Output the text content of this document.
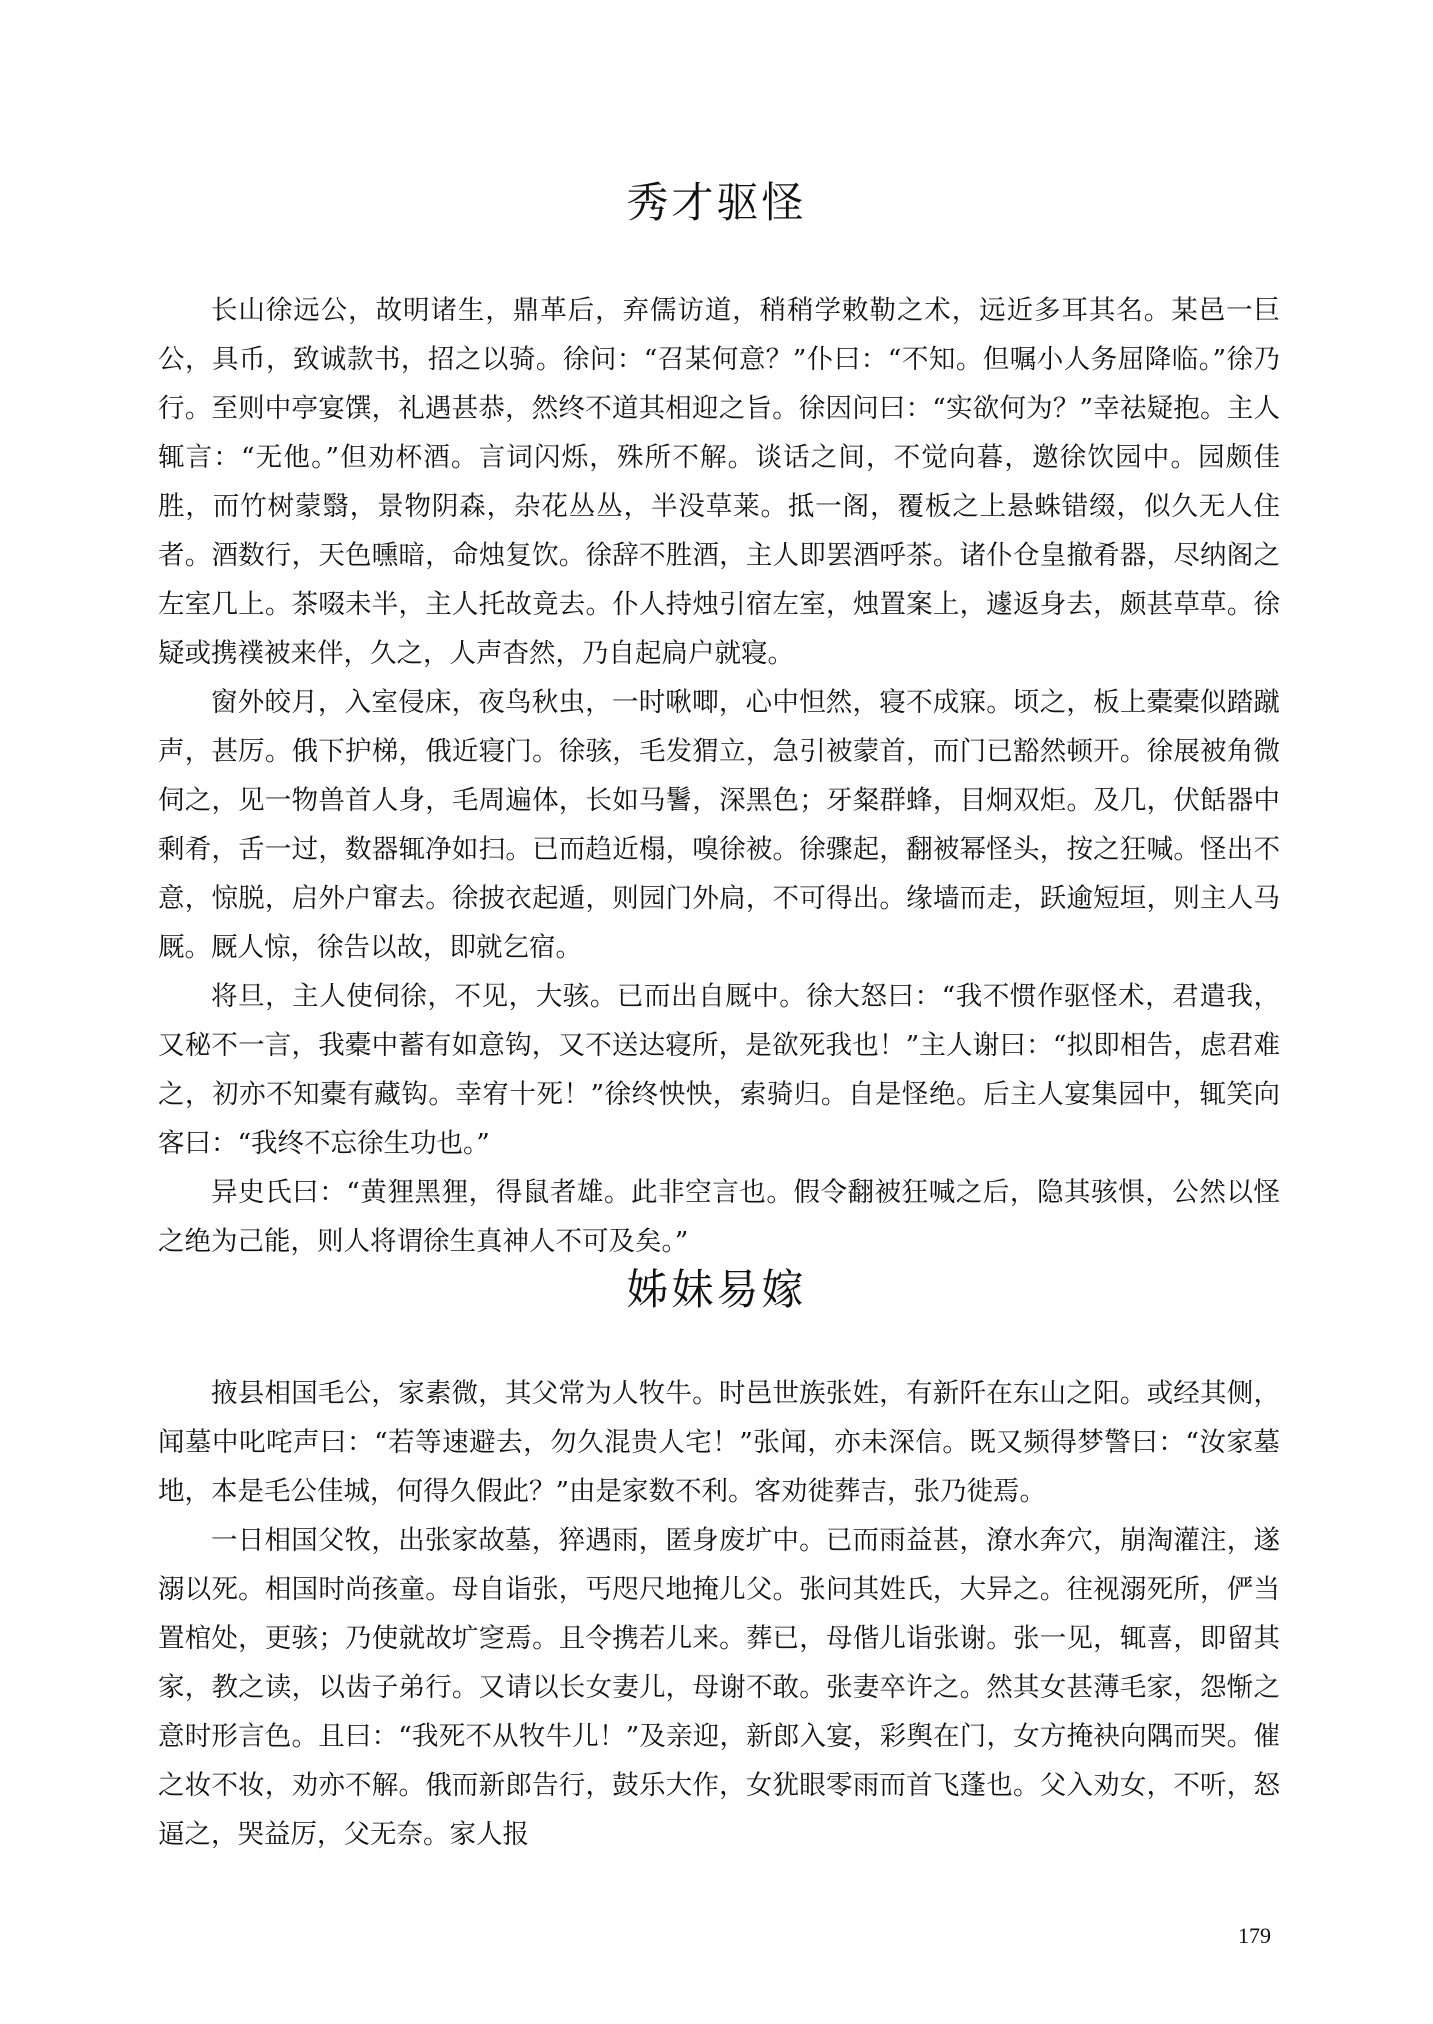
秀才驱怪

长山徐远公，故明诸生，鼎革后，弃儒访道，稍稍学敕勒之术，远近多耳其名。某邑一巨公，具币，致诚款书，招之以骑。徐问：“召某何意？”仆曰：“不知。但嘱小人务屈降临。”徐乃行。至则中亭宴馔，礼遇甚恭，然终不道其相迎之旨。徐因问曰：“实欲何为？”幸祛疑抱。主人辄言：“无他。”但劝杯酒。言词闪烁，殊所不解。谈话之间，不觉向暮，邀徐饮园中。园颇佳胜，而竹树蒙翳，景物阴森，杂花丛丛，半没草莱。抵一阁，覆板之上悬蛛错缀，似久无人住者。酒数行，天色曛暗，命烛复饮。徐辞不胜酒，主人即罢酒呼茶。诸仆仓皇撤肴器，尽纳阁之左室几上。茶啜未半，主人托故竟去。仆人持烛引宿左室，烛置案上，遽返身去，颇甚草草。徐疑或携襆被来伴，久之，人声杳然，乃自起扃户就寝。

窗外皎月，入室侵床，夜鸟秋虫，一时啾唧，心中怛然，寝不成寐。顷之，板上橐橐似踏蹴声，甚厉。俄下护梯，俄近寝门。徐骇，毛发猬立，急引被蒙首，而门已豁然顿开。徐展被角微伺之，见一物兽首人身，毛周遍体，长如马鬐，深黑色；牙粲群蜂，目炯双炬。及几，伏餂器中剩肴，舌一过，数器辄净如扫。已而趋近榻，嗅徐被。徐骤起，翻被幂怪头，按之狂喊。怪出不意，惊脱，启外户窜去。徐披衣起遁，则园门外扃，不可得出。缘墙而走，跃逾短垣，则主人马厩。厩人惊，徐告以故，即就乞宿。

将旦，主人使伺徐，不见，大骇。已而出自厩中。徐大怒曰：“我不惯作驱怪术，君遣我，又秘不一言，我橐中蓄有如意钩，又不送达寝所，是欲死我也！”主人谢曰：“拟即相告，虑君难之，初亦不知橐有藏钩。幸宥十死！”徐终怏怏，索骑归。自是怪绝。后主人宴集园中，辄笑向客曰：“我终不忘徐生功也。”

异史氏曰：“黄狸黑狸，得鼠者雄。此非空言也。假令翻被狂喊之后，隐其骇惧，公然以怪之绝为己能，则人将谓徐生真神人不可及矣。”

姊妹易嫁

掖县相国毛公，家素微，其父常为人牧牛。时邑世族张姓，有新阡在东山之阳。或经其侧，闻墓中叱咤声曰：“若等速避去，勿久混贵人宅！”张闻，亦未深信。既又频得梦警曰：“汝家墓地，本是毛公佳城，何得久假此？”由是家数不利。客劝徙葬吉，张乃徙焉。

一日相国父牧，出张家故墓，猝遇雨，匿身废圹中。已而雨益甚，潦水奔穴，崩淘灌注，遂溺以死。相国时尚孩童。母自诣张，丐咫尺地掩儿父。张问其姓氏，大异之。往视溺死所，俨当置棺处，更骇；乃使就故圹窆焉。且令携若儿来。葬已，母偕儿诣张谢。张一见，辄喜，即留其家，教之读，以齿子弟行。又请以长女妻儿，母谢不敢。张妻卒许之。然其女甚薄毛家，怨惭之意时形言色。且曰：“我死不从牧牛儿！”及亲迎，新郎入宴，彩舆在门，女方掩袂向隅而哭。催之妆不妆，劝亦不解。俄而新郎告行，鼓乐大作，女犹眼零雨而首飞蓬也。父入劝女，不听，怒逼之，哭益厉，父无奈。家人报

179
